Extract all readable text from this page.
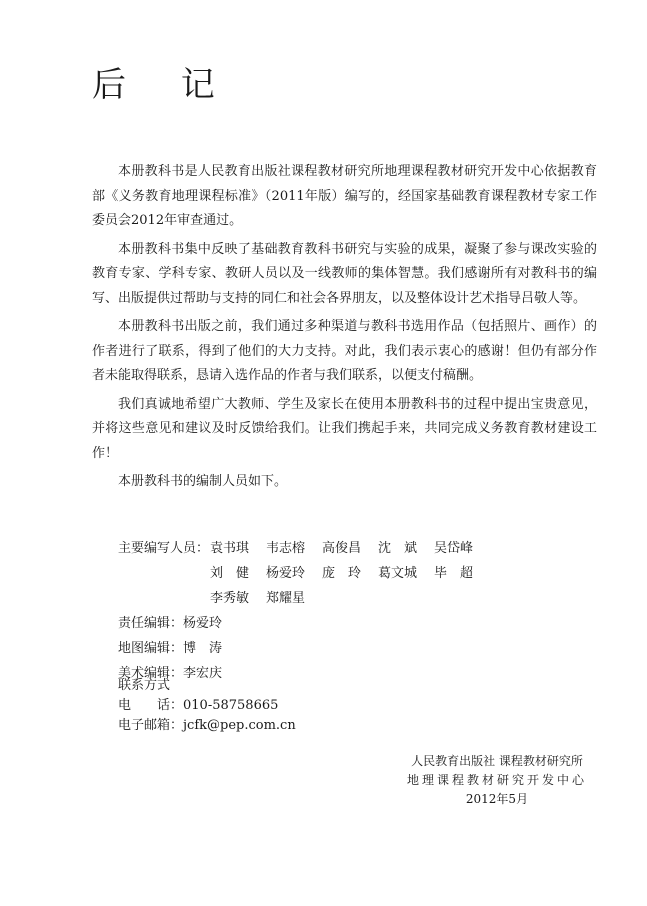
后 记

本册教科书是人民教育出版社课程教材研究所地理课程教材研究开发中心依据教育部《义务教育地理课程标准》（2011年版）编写的，经国家基础教育课程教材专家工作委员会2012年审查通过。

本册教科书集中反映了基础教育教科书研究与实验的成果，凝聚了参与课改实验的教育专家、学科专家、教研人员以及一线教师的集体智慧。我们感谢所有对教科书的编写、出版提供过帮助与支持的同仁和社会各界朋友，以及整体设计艺术指导吕敬人等。

本册教科书出版之前，我们通过多种渠道与教科书选用作品（包括照片、画作）的作者进行了联系，得到了他们的大力支持。对此，我们表示衷心的感谢！但仍有部分作者未能取得联系，恳请入选作品的作者与我们联系，以便支付稿酬。

我们真诚地希望广大教师、学生及家长在使用本册教科书的过程中提出宝贵意见，并将这些意见和建议及时反馈给我们。让我们携起手来，共同完成义务教育教材建设工作！

本册教科书的编制人员如下。

主要编写人员： 袁书琪	韦志榕	高俊昌	沈　斌	吴岱峰
刘　健	杨爱玲	庞　玲	葛文城	毕　超
李秀敏	郑耀星
责任编辑： 杨爱玲
地图编辑： 博　涛
美术编辑： 李宏庆
联系方式
电　　话：010-58758665
电子邮箱：jcfk@pep.com.cn
人民教育出版社 课程教材研究所
地理课程教材研究开发中心
2012年5月
